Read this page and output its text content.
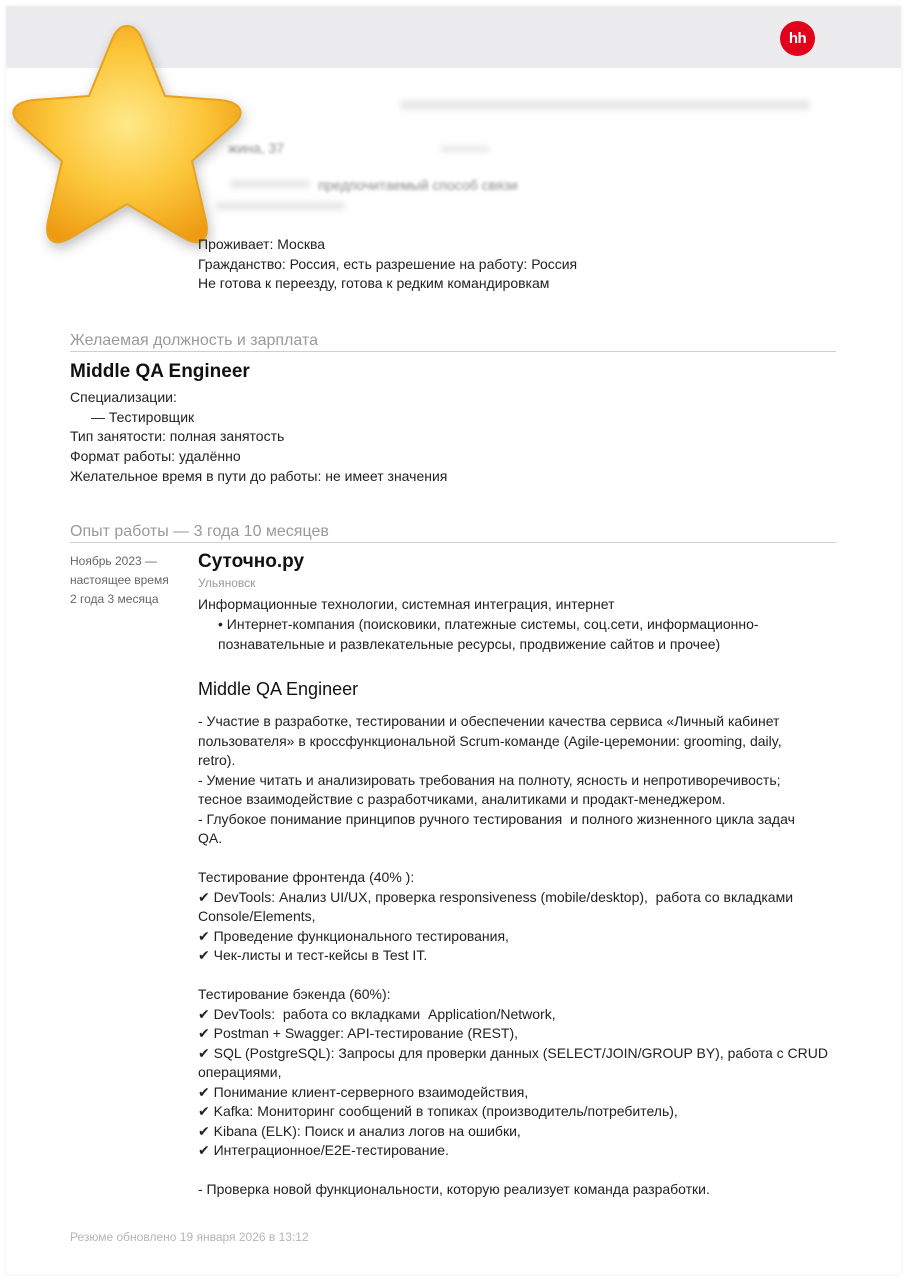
hh
жина, 37
предпочитаемый способ связи
Проживает: Москва
Гражданство: Россия, есть разрешение на работу: Россия
Не готова к переезду, готова к редким командировкам
Желаемая должность и зарплата
Middle QA Engineer
Специализации:
— Тестировщик
Тип занятости: полная занятость
Формат работы: удалённо
Желательное время в пути до работы: не имеет значения
Опыт работы — 3 года 10 месяцев
Ноябрь 2023 —
настоящее время
2 года 3 месяца
Суточно.ру
Ульяновск
Информационные технологии, системная интеграция, интернет
• Интернет-компания (поисковики, платежные системы, соц.сети, информационно-познавательные и развлекательные ресурсы, продвижение сайтов и прочее)
Middle QA Engineer
- Участие в разработке, тестировании и обеспечении качества сервиса «Личный кабинет
пользователя» в кроссфункциональной Scrum-команде (Agile-церемонии: grooming, daily,
retro).
- Умение читать и анализировать требования на полноту, ясность и непротиворечивость;
тесное взаимодействие с разработчиками, аналитиками и продакт-менеджером.
- Глубокое понимание принципов ручного тестирования  и полного жизненного цикла задач
QA.
Тестирование фронтенда (40% ):
✔ DevTools: Анализ UI/UX, проверка responsiveness (mobile/desktop),  работа со вкладками
Console/Elements,
✔ Проведение функционального тестирования,
✔ Чек-листы и тест-кейсы в Test IT.
Тестирование бэкенда (60%):
✔ DevTools:  работа со вкладками  Application/Network,
✔ Postman + Swagger: API-тестирование (REST),
✔ SQL (PostgreSQL): Запросы для проверки данных (SELECT/JOIN/GROUP BY), работа с CRUD
операциями,
✔ Понимание клиент-серверного взаимодействия,
✔ Kafka: Мониторинг сообщений в топиках (производитель/потребитель),
✔ Kibana (ELK): Поиск и анализ логов на ошибки,
✔ Интеграционное/E2E-тестирование.
- Проверка новой функциональности, которую реализует команда разработки.
Резюме обновлено 19 января 2026 в 13:12
